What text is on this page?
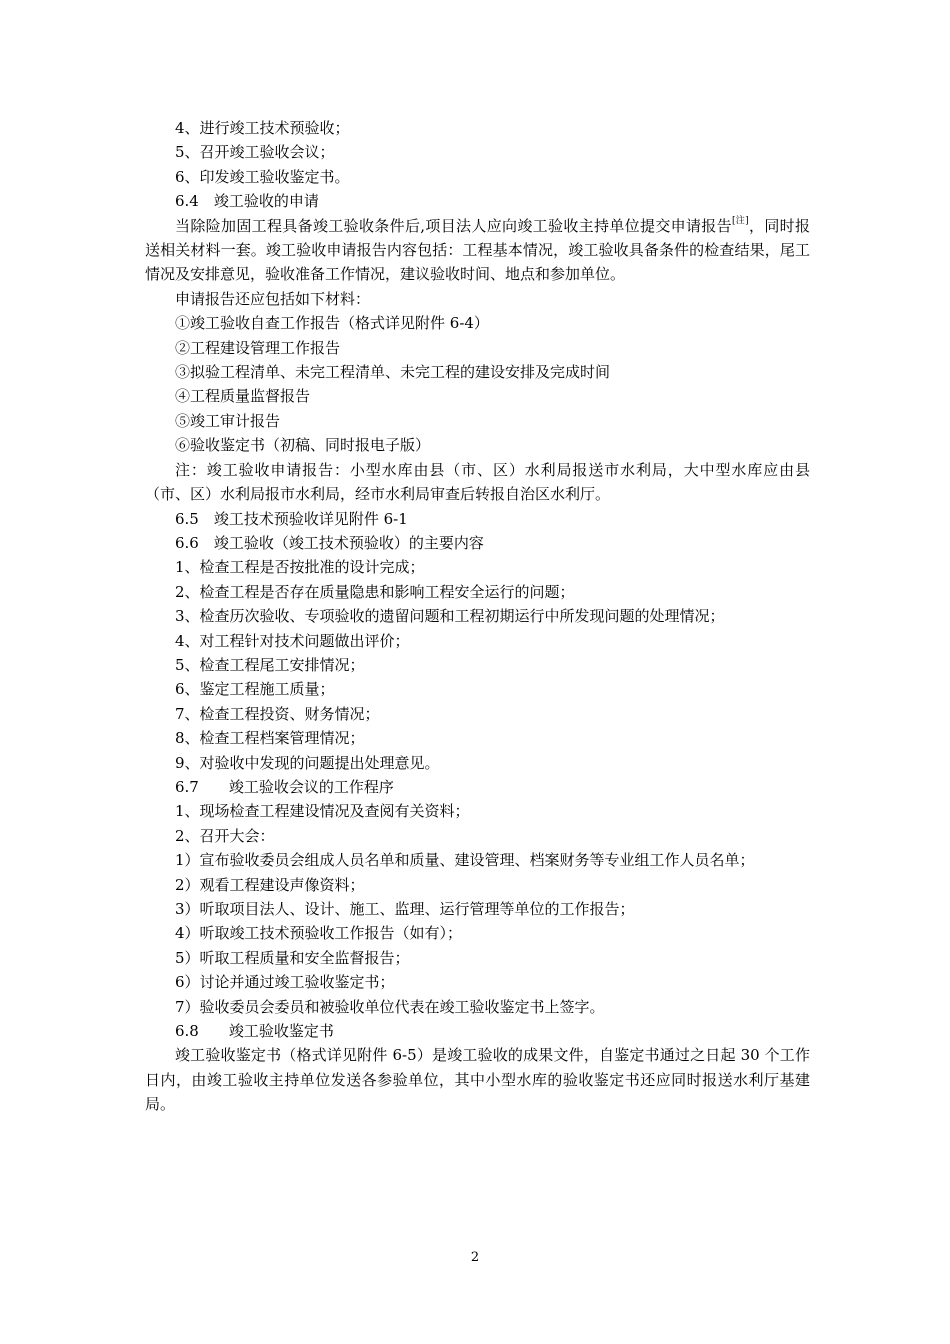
4、进行竣工技术预验收；
5、召开竣工验收会议；
6、印发竣工验收鉴定书。
6.4　竣工验收的申请
当除险加固工程具备竣工验收条件后,项目法人应向竣工验收主持单位提交申请报告[注]，同时报送相关材料一套。竣工验收申请报告内容包括：工程基本情况，竣工验收具备条件的检查结果，尾工情况及安排意见，验收准备工作情况，建议验收时间、地点和参加单位。
申请报告还应包括如下材料：
①竣工验收自查工作报告（格式详见附件 6-4）
②工程建设管理工作报告
③拟验工程清单、未完工程清单、未完工程的建设安排及完成时间
④工程质量监督报告
⑤竣工审计报告
⑥验收鉴定书（初稿、同时报电子版）
注：竣工验收申请报告：小型水库由县（市、区）水利局报送市水利局，大中型水库应由县（市、区）水利局报市水利局，经市水利局审查后转报自治区水利厅。
6.5　竣工技术预验收详见附件 6-1
6.6　竣工验收（竣工技术预验收）的主要内容
1、检查工程是否按批准的设计完成；
2、检查工程是否存在质量隐患和影响工程安全运行的问题；
3、检查历次验收、专项验收的遗留问题和工程初期运行中所发现问题的处理情况；
4、对工程针对技术问题做出评价；
5、检查工程尾工安排情况；
6、鉴定工程施工质量；
7、检查工程投资、财务情况；
8、检查工程档案管理情况；
9、对验收中发现的问题提出处理意见。
6.7　　竣工验收会议的工作程序
1、现场检查工程建设情况及查阅有关资料；
2、召开大会：
1）宣布验收委员会组成人员名单和质量、建设管理、档案财务等专业组工作人员名单；
2）观看工程建设声像资料；
3）听取项目法人、设计、施工、监理、运行管理等单位的工作报告；
4）听取竣工技术预验收工作报告（如有）；
5）听取工程质量和安全监督报告；
6）讨论并通过竣工验收鉴定书；
7）验收委员会委员和被验收单位代表在竣工验收鉴定书上签字。
6.8　　竣工验收鉴定书
竣工验收鉴定书（格式详见附件 6-5）是竣工验收的成果文件，自鉴定书通过之日起 30 个工作日内，由竣工验收主持单位发送各参验单位，其中小型水库的验收鉴定书还应同时报送水利厅基建局。
2
